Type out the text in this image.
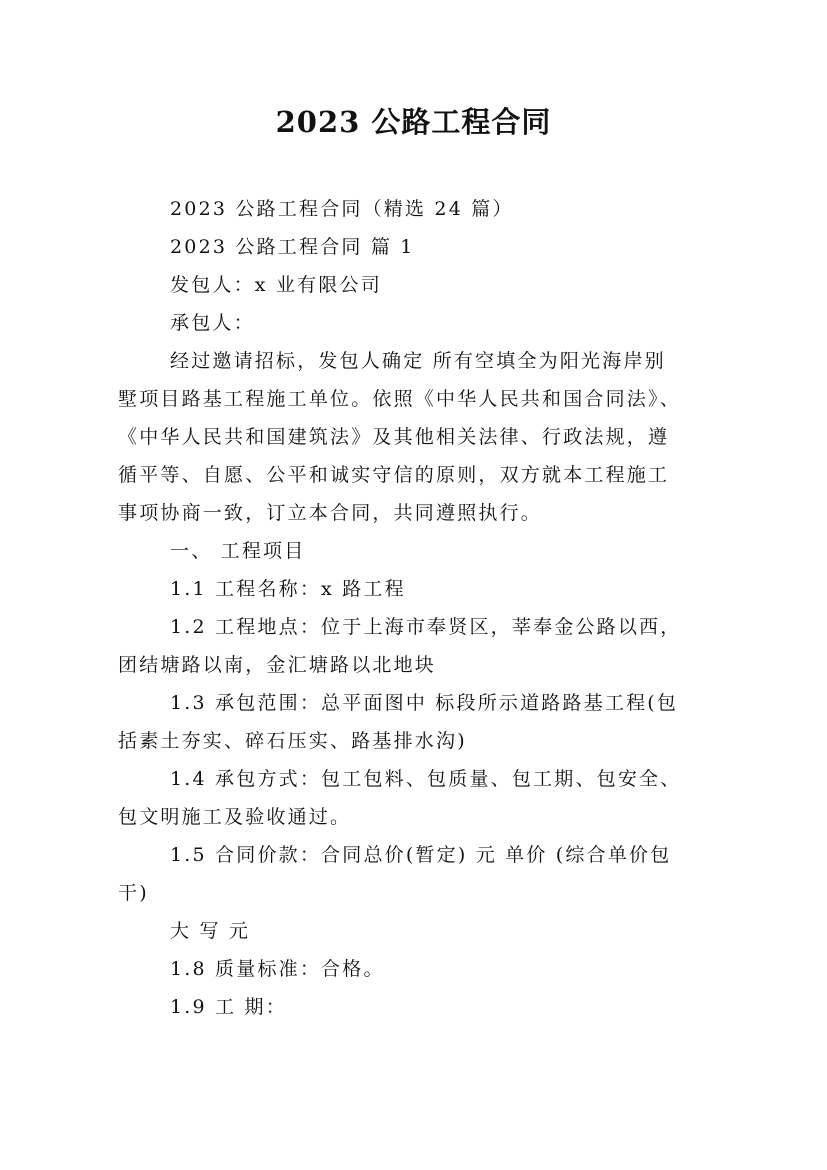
2023 公路工程合同
2023 公路工程合同（精选 24 篇）
2023 公路工程合同 篇 1
发包人：x 业有限公司
承包人：
经过邀请招标，发包人确定 所有空填全为阳光海岸别
墅项目路基工程施工单位。依照《中华人民共和国合同法》、
《中华人民共和国建筑法》及其他相关法律、行政法规，遵
循平等、自愿、公平和诚实守信的原则，双方就本工程施工
事项协商一致，订立本合同，共同遵照执行。
一、 工程项目
1.1 工程名称：x 路工程
1.2 工程地点：位于上海市奉贤区，莘奉金公路以西，
团结塘路以南，金汇塘路以北地块
1.3 承包范围：总平面图中 标段所示道路路基工程(包
括素土夯实、碎石压实、路基排水沟)
1.4 承包方式：包工包料、包质量、包工期、包安全、
包文明施工及验收通过。
1.5 合同价款：合同总价(暂定) 元 单价 (综合单价包
干)
大 写 元
1.8 质量标准：合格。
1.9 工 期：
